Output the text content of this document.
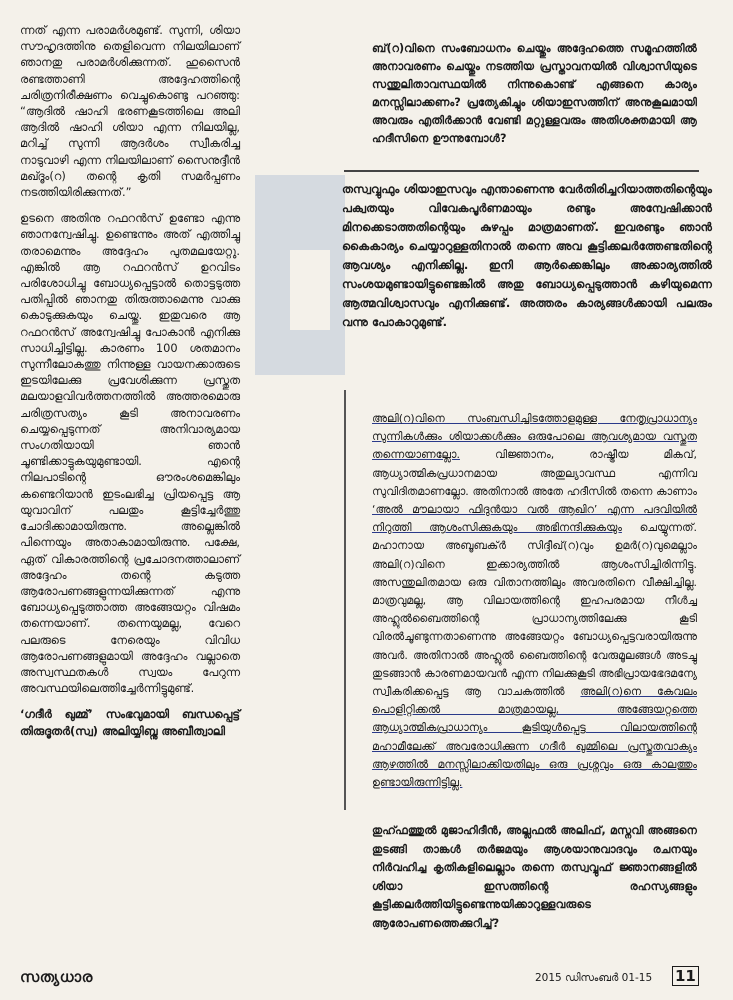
ന്നത് എന്ന പരാമർശമുണ്ട്. സുന്നി, ശിയാ സൗഹൃദത്തിനു തെളിവെന്ന നിലയിലാണ് ഞാനതു പരാമർശിക്കുന്നത്. ഹുസൈൻ രണ്ടത്താണി അദ്ദേഹത്തിന്റെ ചരിത്രനിരീക്ഷണം വെച്ചുകൊണ്ടു പറഞ്ഞു: “ആദിൽ ഷാഹി ഭരണകൂടത്തിലെ അലി ആദിൽ ഷാഹി ശിയാ എന്ന നിലയില്ല, മറിച്ച് സുന്നി ആദർശം സ്വീകരിച്ച നാടുവാഴി എന്ന നിലയിലാണ് സൈനുദ്ദീൻ മഖ്ദൂം(റ) തന്റെ കൃതി സമർപ്പണം നടത്തിയിരിക്കുന്നത്.”

ഉടനെ അതിനു റഫറൻസ് ഉണ്ടോ എന്നു ഞാനന്വേഷിച്ചു. ഉണ്ടെന്നും അത് എത്തിച്ചു തരാമെന്നും അദ്ദേഹം പുതമലയേറ്റു. എങ്കിൽ ആ റഫറൻസ് ഉറവിടം പരിശോധിച്ചു ബോധ്യപ്പെട്ടാൽ തൊട്ടടുത്ത പതിപ്പിൽ ഞാനതു തിരുത്താമെന്നു വാക്കു കൊടുക്കുകയും ചെയ്തു. ഇതുവരെ ആ റഫറൻസ് അന്വേഷിച്ചു പോകാൻ എനിക്കു സാധിച്ചിട്ടില്ല. കാരണം 100 ശതമാനം സുന്നീലോകത്തു നിന്നുള്ള വായനക്കാരുടെ ഇടയിലേക്കു പ്രവേശിക്കുന്ന പ്രസ്തുത മലയാളവിവർത്തനത്തിൽ അത്തരമൊരു ചരിത്രസത്യം കൂടി അനാവരണം ചെയ്യപ്പെടുന്നത് അനിവാര്യമായ സംഗതിയായി ഞാൻ ചൂണ്ടിക്കാട്ടുകയുമുണ്ടായി. എന്റെ നിലപാടിന്റെ ഔരംശമെങ്കിലും കണ്ടെറിയാൻ ഇടംലഭിച്ച പ്രിയപ്പെട്ട ആ യുവാവിന് പലതും കൂട്ടിച്ചേർത്തു ചോദിക്കാമായിരുന്നു. അല്ലെങ്കിൽ പിന്നെയും അതാകാമായിരുന്നു. പക്ഷേ, ഏത് വികാരത്തിന്റെ പ്രചോദനത്താലാണ് അദ്ദേഹം തന്റെ കടുത്ത ആരോപണങ്ങളുന്നയിക്കുന്നത് എന്നു ബോധ്യപ്പെടുത്താത്ത അങ്ങേയറ്റം വിഷമം തന്നെയാണ്. തന്നെയുമല്ല, വേറെ പലരുടെ നേരെയും വിവിധ ആരോപണങ്ങളുമായി അദ്ദേഹം വല്ലാതെ അസ്വസ്ഥതകൾ സ്വയം പേറുന്ന അവസ്ഥയിലെത്തിച്ചേർന്നിട്ടുമുണ്ട്.

‘ഗദീർ ഖുമ്മ്’ സംഭവുമായി ബന്ധപ്പെട്ട് തിരുദൂതർ(സ്വ) അലിയ്യിബ്നു അബീത്വാലി

ബ്(റ)വിനെ സംബോധനം ചെയ്തും അദ്ദേഹത്തെ സമൂഹത്തിൽ അനാവരണം ചെയ്തും നടത്തിയ പ്രസ്താവനയിൽ വിശ്വാസിയുടെ സന്തുലിതാവസ്ഥയിൽ നിന്നുകൊണ്ട് എങ്ങനെ കാര്യം മനസ്സിലാക്കണം? പ്രത്യേകിച്ചും ശിയാഇസത്തിന് അനുകൂലമായി അവരും എതിർക്കാൻ വേണ്ടി മറ്റുള്ളവരും അതിശക്തമായി ആ ഹദീസിനെ ഊന്നുമ്പോൾ?
തസ്വവ്വുഫും ശിയാഇസവും എന്താണെന്നു വേർതിരിച്ചറിയാത്തതിന്റെയും പക്വതയും വിവേകപൂർണമായും രണ്ടും അന്വേഷിക്കാൻ മിനക്കെടാത്തതിന്റെയും കുഴപ്പം മാത്രമാണത്. ഇവരണ്ടും ഞാൻ കൈകാര്യം ചെയ്യാറുള്ളതിനാൽ തന്നെ അവ കൂട്ടിക്കലർത്തേണ്ടതിന്റെ ആവശ്യം എനിക്കില്ല. ഇനി ആർക്കെങ്കിലും അക്കാര്യത്തിൽ സംശയമുണ്ടായിട്ടുണ്ടെങ്കിൽ അതു ബോധ്യപ്പെടുത്താൻ കഴിയുമെന്ന ആത്മവിശ്വാസവും എനിക്കുണ്ട്. അത്തരം കാര്യങ്ങൾക്കായി പലരും വന്നു പോകാറുമുണ്ട്.
അലി(റ)വിനെ സംബന്ധിച്ചിടത്തോളമുള്ള നേതൃപ്രാധാന്യം സുന്നികൾക്കും ശിയാക്കൾക്കും ഒരുപോലെ ആവശ്യമായ വസ്തുത തന്നെയാണല്ലോ.	വിജ്ഞാനം, രാഷ്ട്രീയ മികവ്, ആധ്യാത്മികപ്രധാനമായ അതുല്യാവസ്ഥ എന്നിവ സുവിദിതമാണല്ലോ. അതിനാൽ അതേ ഹദീസിൽ തന്നെ കാണാം ‘അൽ മൗലായാ ഫിദുൻയാ വൽ ആഖിറ’ എന്ന പദവിയിൽ നിറുത്തി ആശംസിക്കുകയും അഭിനന്ദിക്കുകയും ചെയ്യുന്നത്. മഹാനായ അബൂബക്ർ സിദ്ദീഖ്(റ)വും ഉമർ(റ)വുമെല്ലാം അലി(റ)വിനെ ഇക്കാര്യത്തിൽ ആശംസിച്ചിരിന്നിട്ടു. അസന്തുലിതമായ ഒരു വിതാനത്തിലും അവരതിനെ വീക്ഷിച്ചില്ല. മാത്രവുമല്ല, ആ വിലായത്തിന്റെ ഇഹപരമായ നീൾച്ച അഹ്ലുൽബൈത്തിന്റെ പ്രാധാന്യത്തിലേക്കു കൂടി വിരൽചൂണ്ടുന്നതാണെന്നു അങ്ങേയറ്റം ബോധ്യപ്പെട്ടവരായിരുന്നു അവർ. അതിനാൽ അഹ്ലുൽ ബൈത്തിന്റെ വേരുമൂലങ്ങൾ അടച്ചു തുടങ്ങാൻ കാരണമായവൻ എന്ന നിലക്കുകൂടി അഭിപ്രായഭേദമന്യേ സ്വീകരിക്കപ്പെട്ട ആ വാചകത്തിൽ അലി(റ)നെ കേവലം പൊളിറ്റിക്കൽ മാത്രമായല്ല, അങ്ങേയറ്റത്തെ ആധ്യാത്മികപ്രാധാന്യം കൂടിയുൾപ്പെട്ട വിലായത്തിന്റെ മഹാമീലേക്ക് അവരോധിക്കുന്ന ഗദീർ ഖുമ്മിലെ പ്രസ്തുതവാക്യം ആഴത്തിൽ മനസ്സിലാക്കിയതിലും ഒരു പ്രശ്നവും ഒരു കാലത്തും ഉണ്ടായിരുന്നിട്ടില്ല.
തുഹ്ഫത്തുൽ മുജാഹിദീൻ, അല്ലഫൽ അലിഫ്, മസ്നവി അങ്ങനെ തുടങ്ങി താങ്കൾ തർജമയും ആശയാനുവാദവും രചനയും നിർവഹിച്ച കൃതികളിലെല്ലാം തന്നെ തസ്വവ്വുഫ് ജ്ഞാനങ്ങളിൽ ശിയാ ഇസത്തിന്റെ രഹസ്യങ്ങളും കൂട്ടിക്കലർത്തിയിട്ടുണ്ടെന്നുയിക്കാറുള്ളവരുടെ ആരോപണത്തെക്കുറിച്ച്?
സത്യധാര	2015 ഡിസംബർ 01-15 11
